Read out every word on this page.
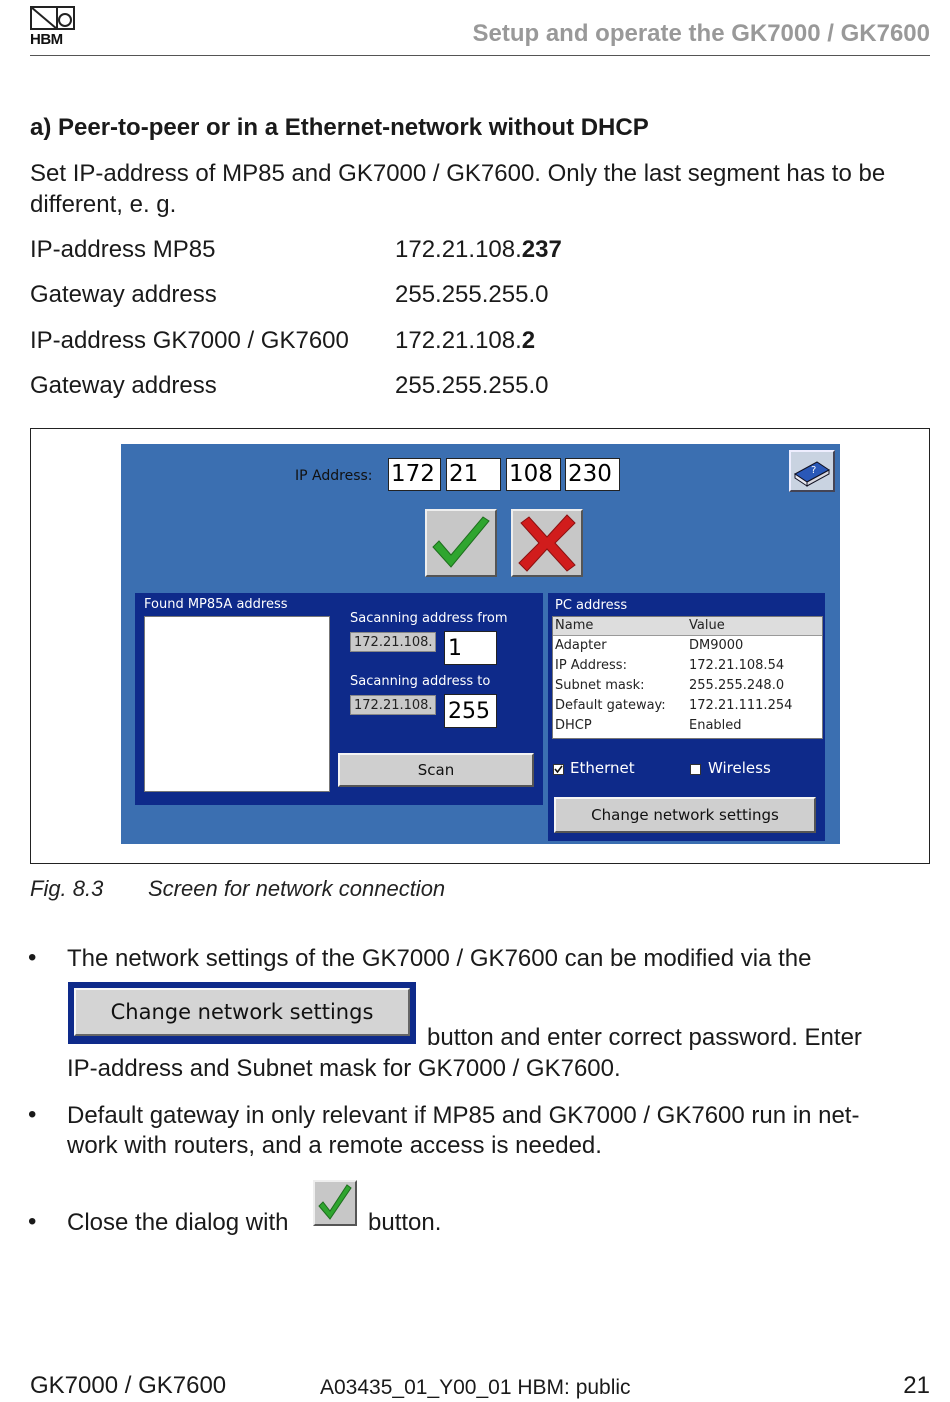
HBM	Setup and operate the GK7000 / GK7600
a) Peer-to-peer or in a Ethernet-network without DHCP
Set IP-address of MP85 and GK7000 / GK7600. Only the last segment has to be different, e. g.
IP-address MP85	172.21.108.237
Gateway address	255.255.255.0
IP-address GK7000 / GK7600 172.21.108.2
Gateway address	255.255.255.0
IP Address: 172 21	108 230	?
Found MP85A address
Sacanning address from
172.21.108. 1
Sacanning address to
172.21.108. 255
Scan
PC address
Name	Value
Adapter	DM9000
IP Address:	172.21.108.54
Subnet mask:	255.255.248.0
Default gateway: 172.21.111.254
DHCP	Enabled
Ethernet	Wireless
Change network settings
Fig. 8.3 Screen for network connection
• The network settings of the GK7000 / GK7600 can be modified via the
Change network settings
button and enter correct password. Enter
IP-address and Subnet mask for GK7000 / GK7600.
• Default gateway in only relevant if MP85 and GK7000 / GK7600 run in net-
work with routers, and a remote access is needed.
• Close the dialog with	button.
GK7000 / GK7600	A03435_01_Y00_01 HBM: public	21
